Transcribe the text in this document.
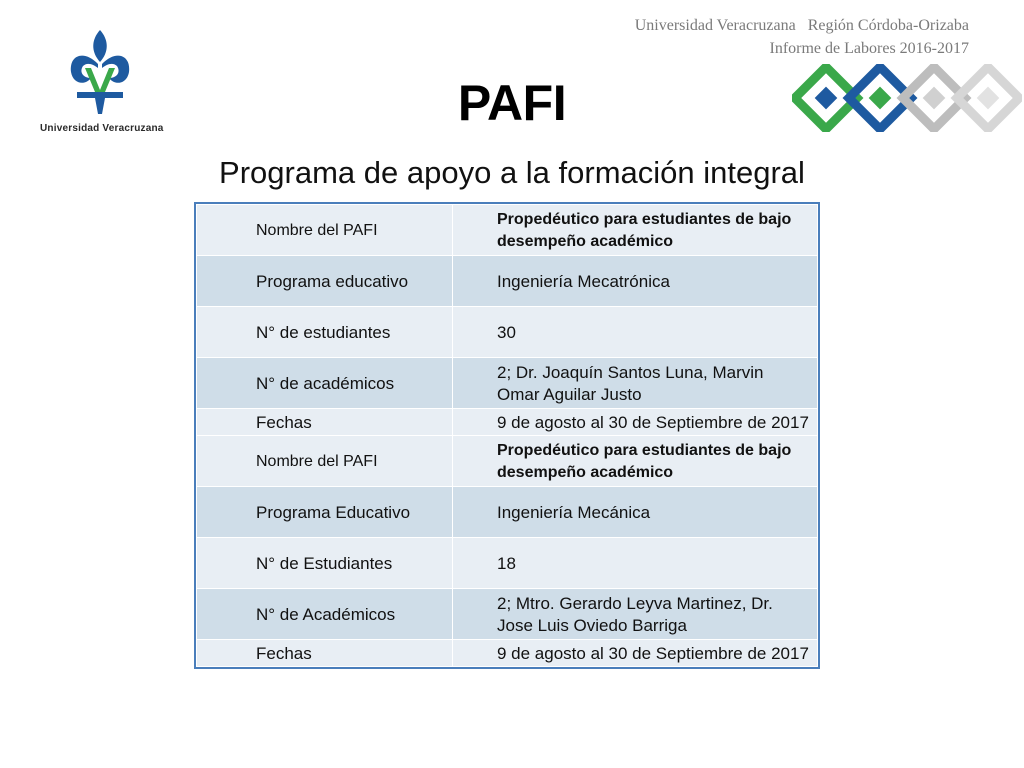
Universidad Veracruzana   Región Córdoba-Orizaba
Informe de Labores 2016-2017
Universidad Veracruzana	PAFI
Programa de apoyo a la formación integral
Nombre del PAFI	Propedéutico para estudiantes de bajo desempeño académico
Programa educativo	Ingeniería Mecatrónica
N° de estudiantes	30
N° de académicos	2; Dr. Joaquín Santos Luna, Marvin Omar Aguilar Justo
Fechas	9 de agosto al 30 de Septiembre de 2017
Nombre del PAFI	Propedéutico para estudiantes de bajo desempeño académico
Programa Educativo	Ingeniería Mecánica
N° de Estudiantes	18
N° de Académicos	2; Mtro. Gerardo Leyva Martinez, Dr. Jose Luis Oviedo Barriga
Fechas	9 de agosto al 30 de Septiembre de 2017
